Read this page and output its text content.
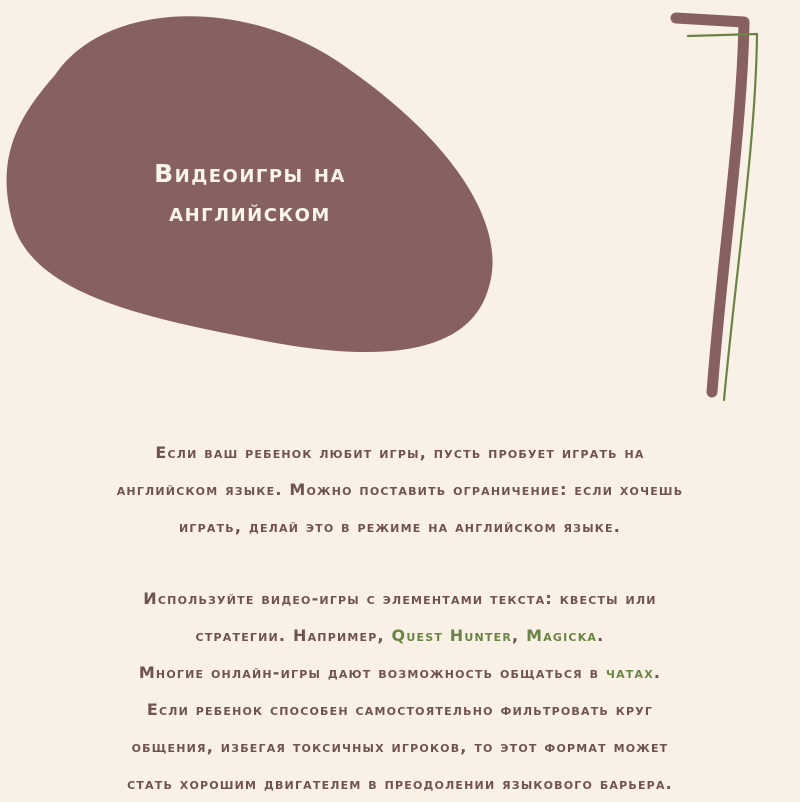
Видеоигры на
английском
Если ваш ребенок любит игры, пусть пробует играть на
английском языке. Можно поставить ограничение: если хочешь
играть, делай это в режиме на английском языке.
Используйте видео-игры с элементами текста: квесты или
стратегии. Например, Quest Hunter, Magicka.
Многие онлайн-игры дают возможность общаться в чатах.
Если ребенок способен самостоятельно фильтровать круг
общения, избегая токсичных игроков, то этот формат может
стать хорошим двигателем в преодолении языкового барьера.
